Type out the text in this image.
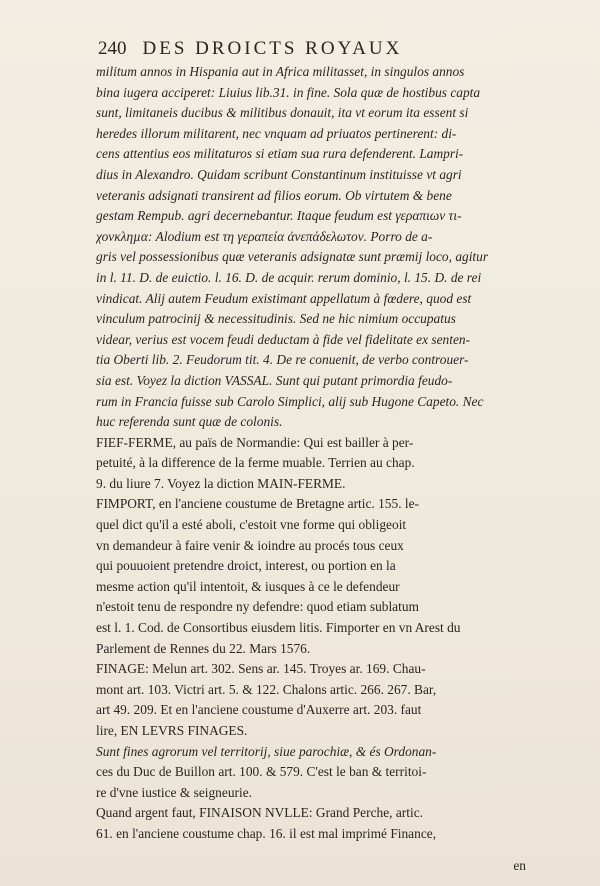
240 DES DROICTS ROYAUX
militum annos in Hispania aut in Africa militasset, in singulos annos
bina iugera acciperet: Liuius lib.31. in fine. Sola quæ de hostibus capta
sunt, limitaneis ducibus & militibus donauit, ita vt eorum ita essent si
heredes illorum militarent, nec vnquam ad priuatos pertinerent: di-
cens attentius eos militaturos si etiam sua rura defenderent. Lampri-
dius in Alexandro. Quidam scribunt Constantinum instituisse vt agri
veteranis adsignati transirent ad filios eorum. Ob virtutem & bene
gestam Rempub. agri decernebantur. Itaque feudum est γεραπιων τι-
χονκληµα: Alodium est τη γεραπεία ἀνεπάδελωτον. Porro de a-
gris vel possessionibus quæ veteranis adsignatæ sunt præmij loco, agitur
in l. 11. D. de euictio. l. 16. D. de acquir. rerum dominio, l. 15. D. de rei
vindicat. Alij autem Feudum existimant appellatum à fœdere, quod est
vinculum patrocinij & necessitudinis. Sed ne hic nimium occupatus
videar, verius est vocem feudi deductam à fide vel fidelitate ex senten-
tia Oberti lib. 2. Feudorum tit. 4. De re conuenit, de verbo controuer-
sia est. Voyez la diction VASSAL. Sunt qui putant primordia feudo-
rum in Francia fuisse sub Carolo Simplici, alij sub Hugone Capeto. Nec
huc referenda sunt quæ de colonis.
FIEF-FERME, au païs de Normandie: Qui est bailler à per-
petuité, à la difference de la ferme muable. Terrien au chap.
9. du liure 7. Voyez la diction MAIN-FERME.
FIMPORT, en l'anciene coustume de Bretagne artic. 155. le-
quel dict qu'il a esté aboli, c'estoit vne forme qui obligeoit
vn demandeur à faire venir & ioindre au procés tous ceux
qui pouuoient pretendre droict, interest, ou portion en la
mesme action qu'il intentoit, & iusques à ce le defendeur
n'estoit tenu de respondre ny defendre: quod etiam sublatum
est l. 1. Cod. de Consortibus eiusdem litis. Fimporter en vn Arest du
Parlement de Rennes du 22. Mars 1576.
FINAGE: Melun art. 302. Sens ar. 145. Troyes ar. 169. Chau-
mont art. 103. Victri art. 5. & 122. Chalons artic. 266. 267. Bar,
art 49. 209. Et en l'anciene coustume d'Auxerre art. 203. faut
lire, EN LEVRS FINAGES.
Sunt fines agrorum vel territorij, siue parochiæ, & és Ordonan-
ces du Duc de Buillon art. 100. & 579. C'est le ban & territoi-
re d'vne iustice & seigneurie.
Quand argent faut, FINAISON NVLLE: Grand Perche, artic.
61. en l'anciene coustume chap. 16. il est mal imprimé Finance,
en
